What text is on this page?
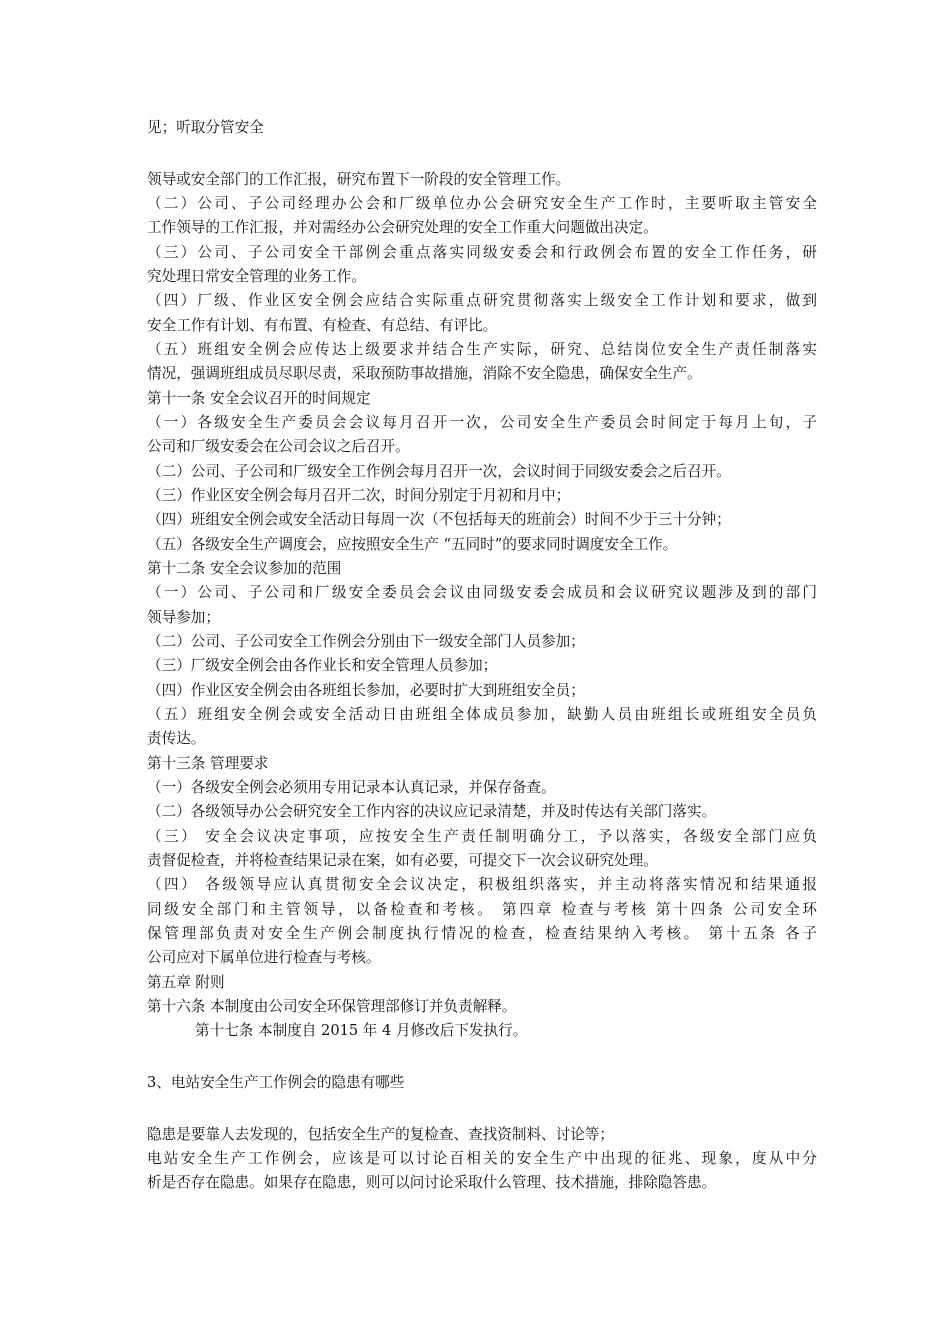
见；听取分管安全
领导或安全部门的工作汇报，研究布置下一阶段的安全管理工作。
（二）公司、子公司经理办公会和厂级单位办公会研究安全生产工作时，主要听取主管安全
工作领导的工作汇报，并对需经办公会研究处理的安全工作重大问题做出决定。
（三）公司、子公司安全干部例会重点落实同级安委会和行政例会布置的安全工作任务，研
究处理日常安全管理的业务工作。
（四）厂级、作业区安全例会应结合实际重点研究贯彻落实上级安全工作计划和要求，做到
安全工作有计划、有布置、有检查、有总结、有评比。
（五）班组安全例会应传达上级要求并结合生产实际，研究、总结岗位安全生产责任制落实
情况，强调班组成员尽职尽责，采取预防事故措施，消除不安全隐患，确保安全生产。
第十一条 安全会议召开的时间规定
（一）各级安全生产委员会会议每月召开一次，公司安全生产委员会时间定于每月上旬，子
公司和厂级安委会在公司会议之后召开。
（二）公司、子公司和厂级安全工作例会每月召开一次，会议时间于同级安委会之后召开。
（三）作业区安全例会每月召开二次，时间分别定于月初和月中；
（四）班组安全例会或安全活动日每周一次（不包括每天的班前会）时间不少于三十分钟；
（五）各级安全生产调度会，应按照安全生产 “五同时”的要求同时调度安全工作。
第十二条 安全会议参加的范围
（一）公司、子公司和厂级安全委员会会议由同级安委会成员和会议研究议题涉及到的部门
领导参加；
（二）公司、子公司安全工作例会分别由下一级安全部门人员参加；
（三）厂级安全例会由各作业长和安全管理人员参加；
（四）作业区安全例会由各班组长参加，必要时扩大到班组安全员；
（五）班组安全例会或安全活动日由班组全体成员参加，缺勤人员由班组长或班组安全员负
责传达。
第十三条 管理要求
（一）各级安全例会必须用专用记录本认真记录，并保存备查。
（二）各级领导办公会研究安全工作内容的决议应记录清楚，并及时传达有关部门落实。
（三） 安全会议决定事项，应按安全生产责任制明确分工，予以落实，各级安全部门应负
责督促检查，并将检查结果记录在案，如有必要，可提交下一次会议研究处理。
（四） 各级领导应认真贯彻安全会议决定，积极组织落实，并主动将落实情况和结果通报
同级安全部门和主管领导，以备检查和考核。 第四章 检查与考核 第十四条 公司安全环
保管理部负责对安全生产例会制度执行情况的检查，检查结果纳入考核。 第十五条 各子
公司应对下属单位进行检查与考核。
第五章 附则
第十六条 本制度由公司安全环保管理部修订并负责解释。
第十七条 本制度自 2015 年 4 月修改后下发执行。
3、电站安全生产工作例会的隐患有哪些
隐患是要靠人去发现的，包括安全生产的复检查、查找资制料、讨论等；
电站安全生产工作例会，应该是可以讨论百相关的安全生产中出现的征兆、现象，度从中分
析是否存在隐患。如果存在隐患，则可以问讨论采取什么管理、技术措施，排除隐答患。
